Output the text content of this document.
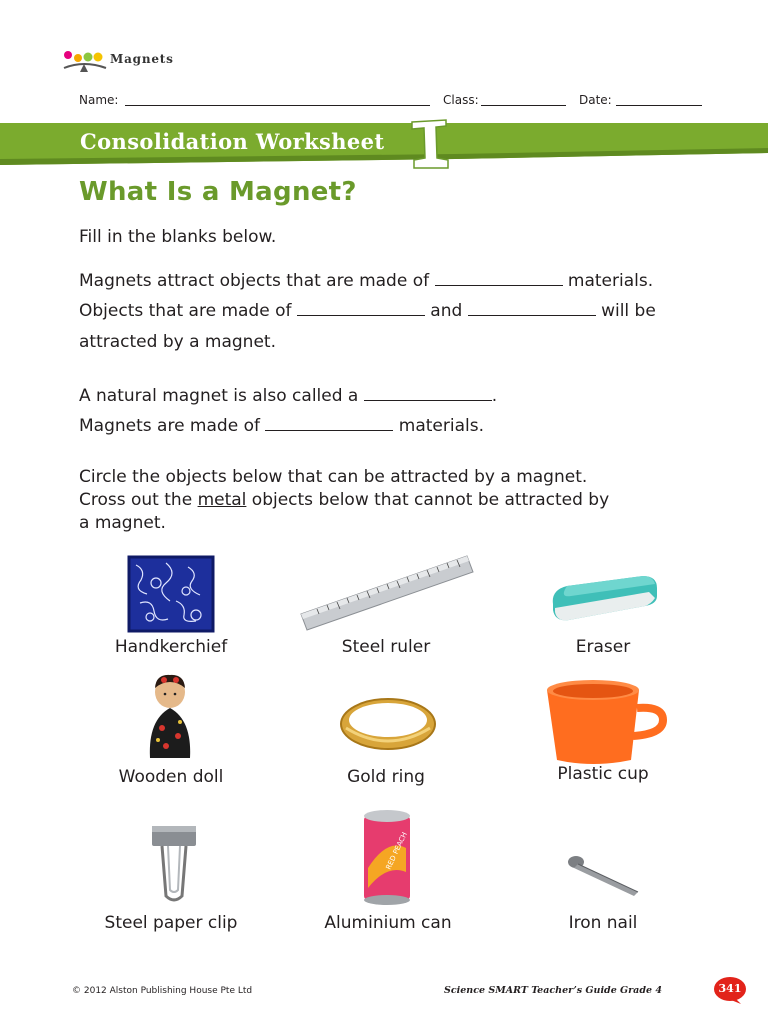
Magnets
Name:	Class:	Date:
Consolidation Worksheet	1
What Is a Magnet?
Fill in the blanks below.
Magnets attract objects that are made of	materials.
Objects that are made of	and	will be
attracted by a magnet.
A natural magnet is also called a	.
Magnets are made of	materials.
Circle the objects below that can be attracted by a magnet.
Cross out the metal objects below that cannot be attracted by
a magnet.
Handkerchief	Steel ruler	Eraser
Wooden doll	Gold ring	Plastic cup
RED PEACH
Steel paper clip	Aluminium can	Iron nail
© 2012 Alston Publishing House Pte Ltd	Science SMART Teacher’s Guide Grade 4	341
